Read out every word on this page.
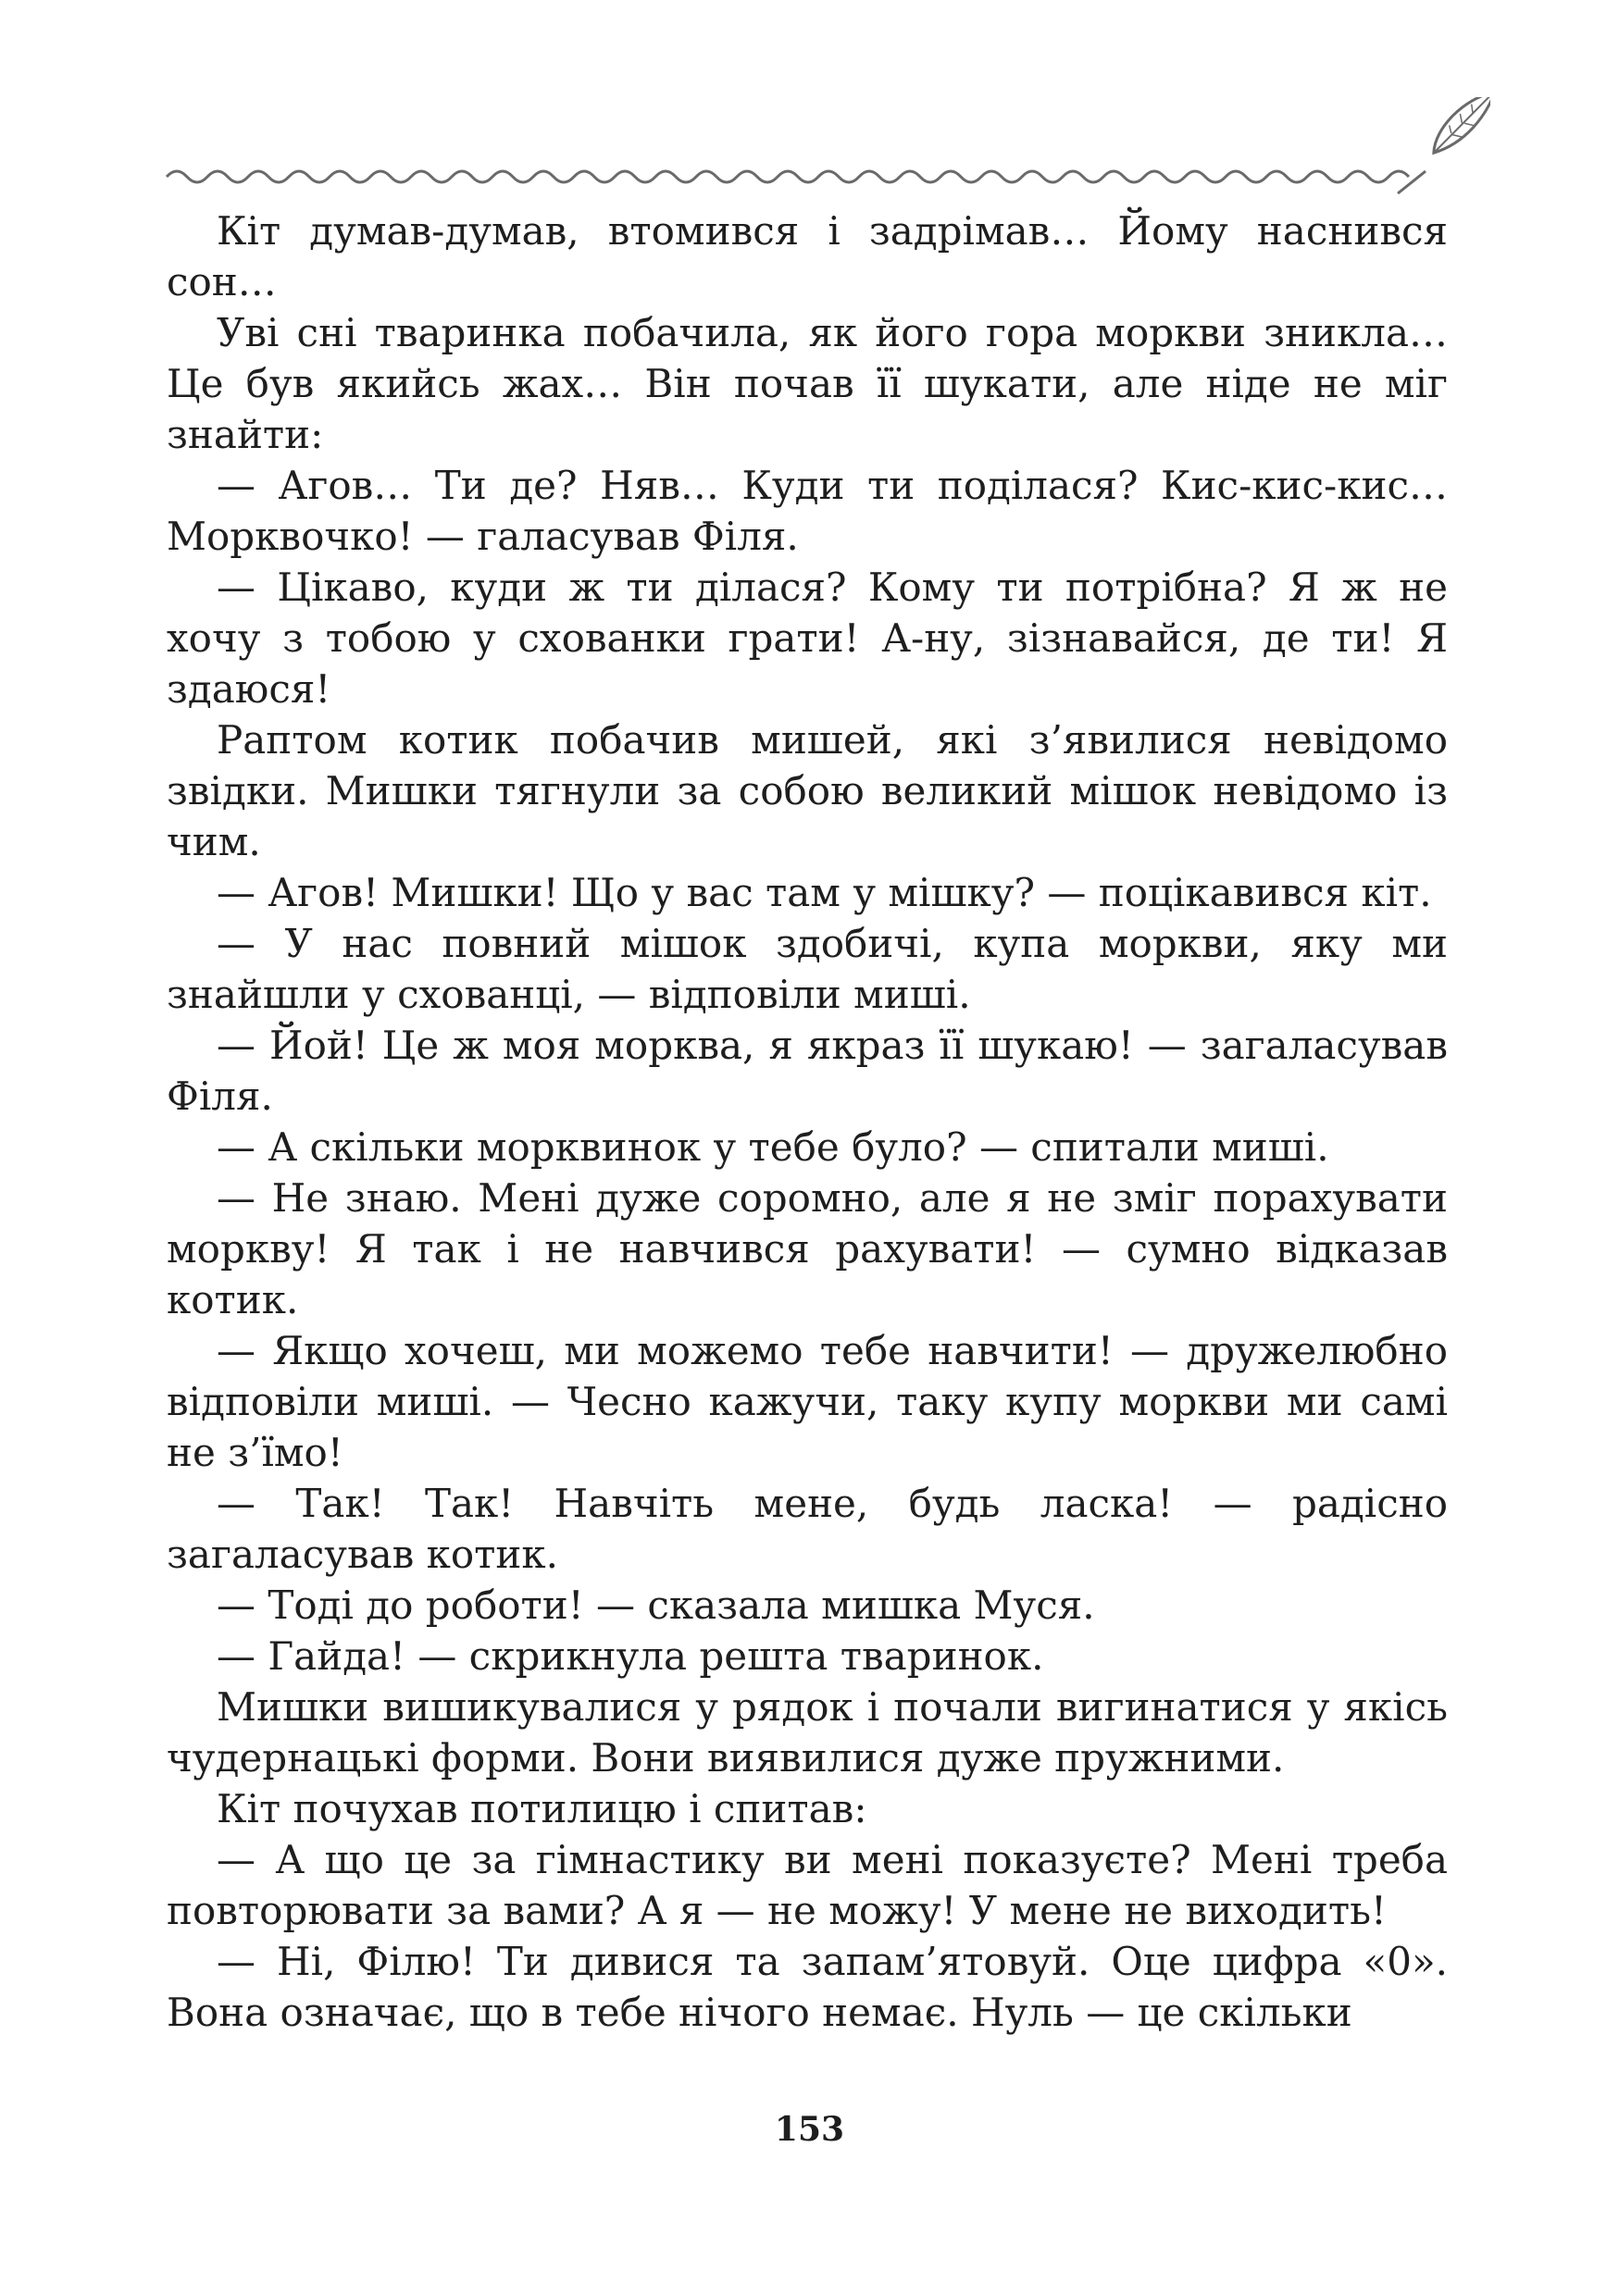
Кіт думав-думав, втомився і задрімав… Йому наснився сон…

Уві сні тваринка побачила, як його гора моркви зникла… Це був якийсь жах… Він почав її шукати, але ніде не міг знайти:

— Агов… Ти де? Няв… Куди ти поділася? Кис-кис-кис… Морквочко! — галасував Філя.

— Цікаво, куди ж ти ділася? Кому ти потрібна? Я ж не хочу з тобою у схованки грати! А-ну, зізнавайся, де ти! Я здаюся!

Раптом котик побачив мишей, які з’явилися невідомо звідки. Мишки тягнули за собою великий мішок невідомо із чим.

— Агов! Мишки! Що у вас там у мішку? — поцікавився кіт.

— У нас повний мішок здобичі, купа моркви, яку ми знайшли у схованці, — відповіли миші.

— Йой! Це ж моя морква, я якраз її шукаю! — загаласував Філя.

— А скільки морквинок у тебе було? — спитали миші.

— Не знаю. Мені дуже соромно, але я не зміг порахувати моркву! Я так і не навчився рахувати! — сумно відказав котик.

— Якщо хочеш, ми можемо тебе навчити! — дружелюбно відповіли миші. — Чесно кажучи, таку купу моркви ми самі не з’їмо!

— Так! Так! Навчіть мене, будь ласка! — радісно загаласував котик.

— Тоді до роботи! — сказала мишка Муся.

— Гайда! — скрикнула решта тваринок.

Мишки вишикувалися у рядок і почали вигинатися у якісь чудернацькі форми. Вони виявилися дуже пружними.

Кіт почухав потилицю і спитав:

— А що це за гімнастику ви мені показуєте? Мені треба повторювати за вами? А я — не можу! У мене не виходить!

— Ні, Філю! Ти дивися та запам’ятовуй. Оце цифра «0». Вона означає, що в тебе нічого немає. Нуль — це скільки

153
